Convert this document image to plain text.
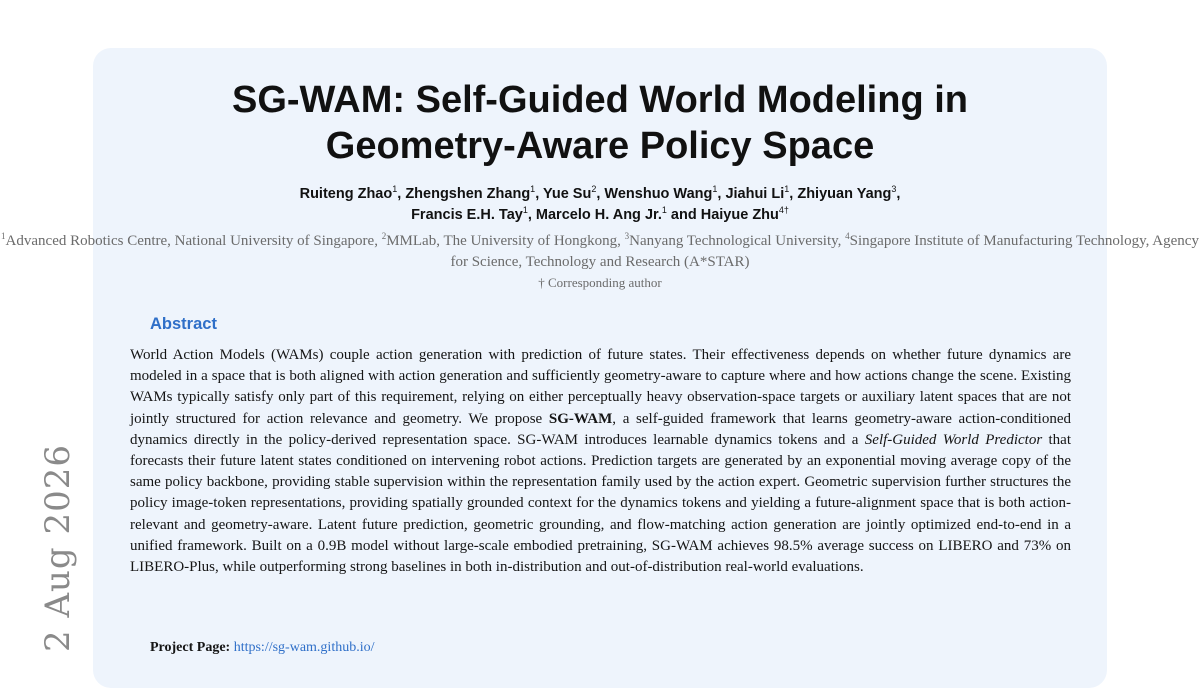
2 Aug 2026
SG-WAM: Self-Guided World Modeling in
Geometry-Aware Policy Space
Ruiteng Zhao$^1$, Zhengshen Zhang$^1$, Yue Su$^2$, Wenshuo Wang$^1$, Jiahui Li$^1$, Zhiyuan Yang$^3$,
Francis E.H. Tay$^1$, Marcelo H. Ang Jr.$^1$ and Haiyue Zhu$^{4\dagger}$
$^1$Advanced Robotics Centre, National University of Singapore, $^2$MMLab, The University of Hongkong, $^3$Nanyang Technological University, $^4$Singapore Institute of Manufacturing Technology, Agency for Science, Technology and Research (A*STAR)
† Corresponding author
Abstract

World Action Models (WAMs) couple action generation with prediction of future states. Their effectiveness depends on whether future dynamics are modeled in a space that is both aligned with action generation and sufficiently geometry-aware to capture where and how actions change the scene. Existing WAMs typically satisfy only part of this requirement, relying on either perceptually heavy observation-space targets or auxiliary latent spaces that are not jointly structured for action relevance and geometry. We propose SG-WAM, a self-guided framework that learns geometry-aware action-conditioned dynamics directly in the policy-derived representation space. SG-WAM introduces learnable dynamics tokens and a Self-Guided World Predictor that forecasts their future latent states conditioned on intervening robot actions. Prediction targets are generated by an exponential moving average copy of the same policy backbone, providing stable supervision within the representation family used by the action expert. Geometric supervision further structures the policy image-token representations, providing spatially grounded context for the dynamics tokens and yielding a future-alignment space that is both action-relevant and geometry-aware. Latent future prediction, geometric grounding, and flow-matching action generation are jointly optimized end-to-end in a unified framework. Built on a 0.9B model without large-scale embodied pretraining, SG-WAM achieves 98.5% average success on LIBERO and 73% on LIBERO-Plus, while outperforming strong baselines in both in-distribution and out-of-distribution real-world evaluations.

Project Page: https://sg-wam.github.io/
